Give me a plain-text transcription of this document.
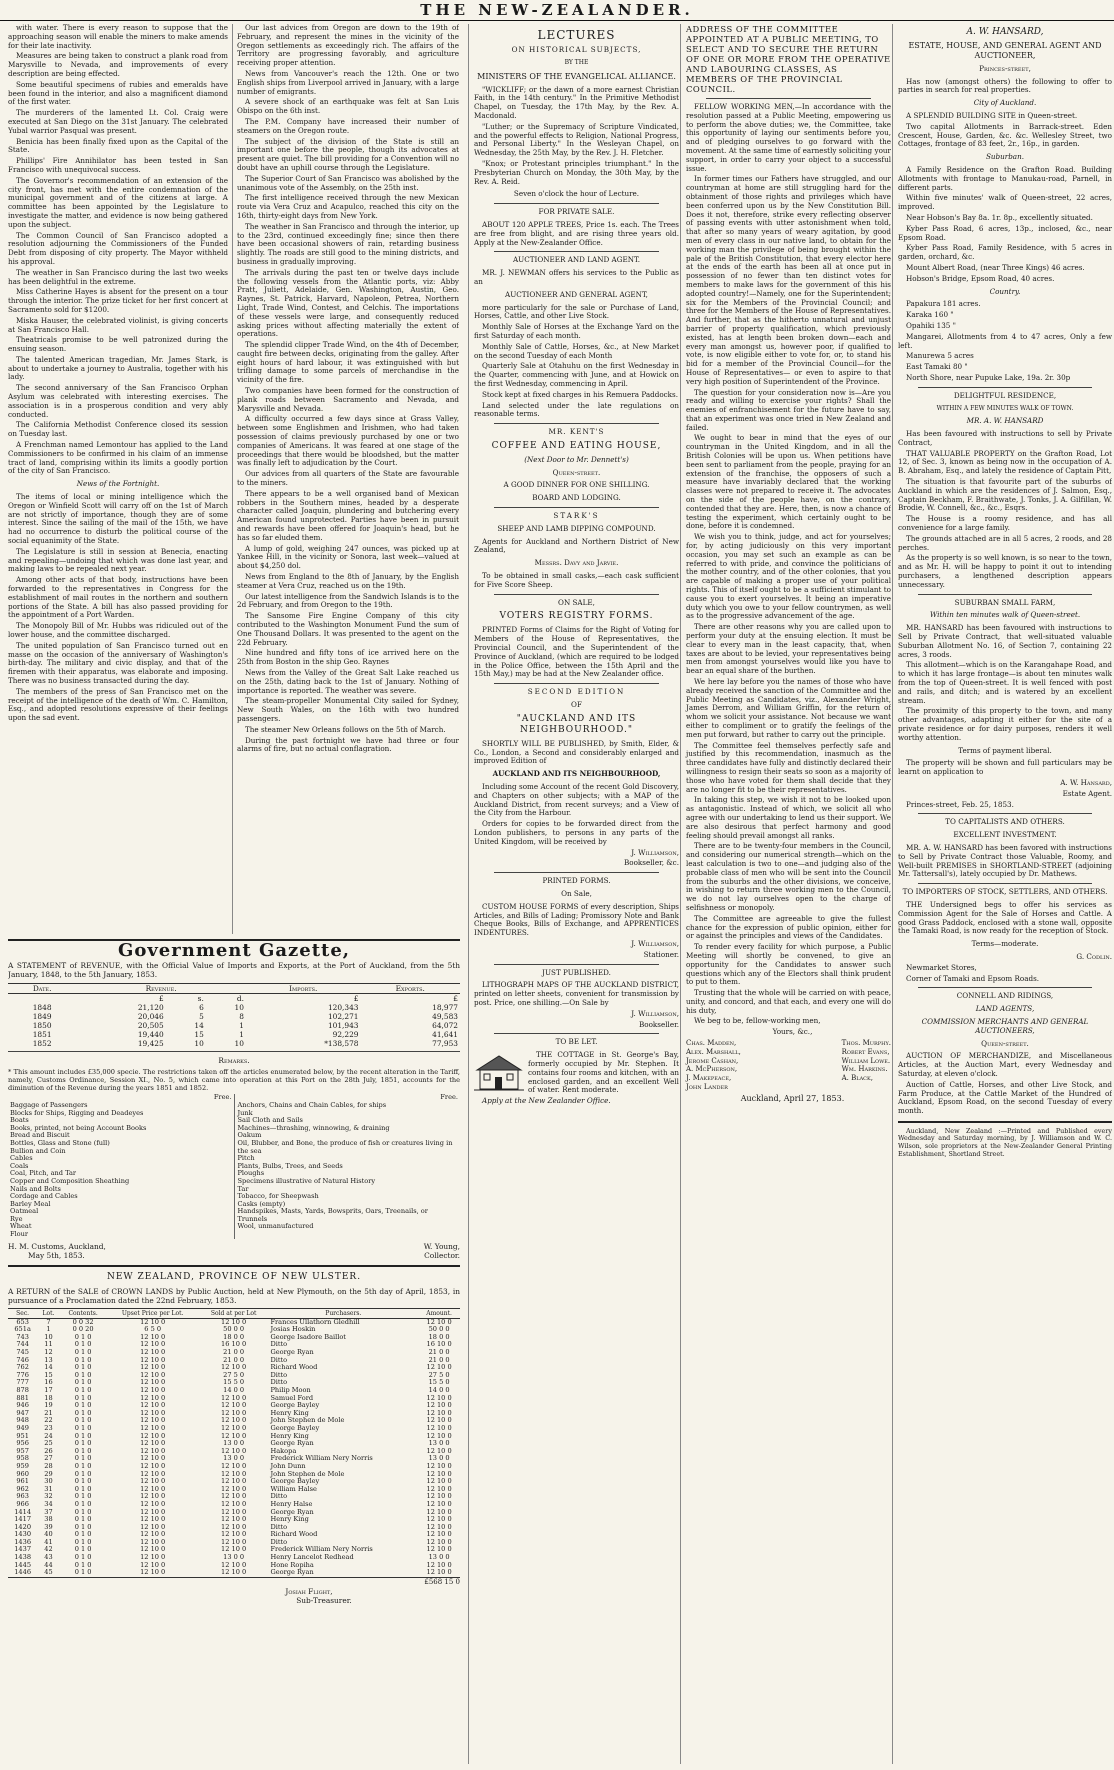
THE NEW-ZEALANDER.

with water. There is every reason to suppose that the approaching season will enable the miners to make amends for their late inactivity.

Measures are being taken to construct a plank road from Marysville to Nevada, and improvements of every description are being effected.

Some beautiful specimens of rubies and emeralds have been found in the interior, and also a magnificent diamond of the first water.

The murderers of the lamented Lt. Col. Craig were executed at San Diego on the 31st January. The celebrated Yubal warrior Pasqual was present.

Benicia has been finally fixed upon as the Capital of the State.

Phillips' Fire Annihilator has been tested in San Francisco with unequivocal success.

The Governor's recommendation of an extension of the city front, has met with the entire condemnation of the municipal government and of the citizens at large. A committee has been appointed by the Legislature to investigate the matter, and evidence is now being gathered upon the subject.

The Common Council of San Francisco adopted a resolution adjourning the Commissioners of the Funded Debt from disposing of city property. The Mayor withheld his approval.

The weather in San Francisco during the last two weeks has been delightful in the extreme.

Miss Catherine Hayes is absent for the present on a tour through the interior. The prize ticket for her first concert at Sacramento sold for $1200.

Miska Hauser, the celebrated violinist, is giving concerts at San Francisco Hall.

Theatricals promise to be well patronized during the ensuing season.

The talented American tragedian, Mr. James Stark, is about to undertake a journey to Australia, together with his lady.

The second anniversary of the San Francisco Orphan Asylum was celebrated with interesting exercises. The association is in a prosperous condition and very ably conducted.

The California Methodist Conference closed its session on Tuesday last.

A Frenchman named Lemontour has applied to the Land Commissioners to be confirmed in his claim of an immense tract of land, comprising within its limits a goodly portion of the city of San Francisco.

News of the Fortnight.

The items of local or mining intelligence which the Oregon or Winfield Scott will carry off on the 1st of March are not strictly of importance, though they are of some interest. Since the sailing of the mail of the 15th, we have had no occurrence to disturb the political course of the social equanimity of the State.

The Legislature is still in session at Benecia, enacting and repealing—undoing that which was done last year, and making laws to be repealed next year.

Among other acts of that body, instructions have been forwarded to the representatives in Congress for the establishment of mail routes in the northern and southern portions of the State. A bill has also passed providing for the appointment of a Port Warden.

The Monopoly Bill of Mr. Hubbs was ridiculed out of the lower house, and the committee discharged.

The united population of San Francisco turned out en masse on the occasion of the anniversary of Washington's birth-day. The military and civic display, and that of the firemen with their apparatus, was elaborate and imposing. There was no business transacted during the day.

The members of the press of San Francisco met on the receipt of the intelligence of the death of Wm. C. Hamilton, Esq., and adopted resolutions expressive of their feelings upon the sad event.

Our last advices from Oregon are down to the 19th of February, and represent the mines in the vicinity of the Oregon settlements as exceedingly rich. The affairs of the Territory are progressing favorably, and agriculture receiving proper attention.

News from Vancouver's reach the 12th. One or two English ships from Liverpool arrived in January, with a large number of emigrants.

A severe shock of an earthquake was felt at San Luis Obispo on the 6th inst.

The P.M. Company have increased their number of steamers on the Oregon route.

The subject of the division of the State is still an important one before the people, though its advocates at present are quiet. The bill providing for a Convention will no doubt have an uphill course through the Legislature.

The Superior Court of San Francisco was abolished by the unanimous vote of the Assembly, on the 25th inst.

The first intelligence received through the new Mexican route via Vera Cruz and Acapulco, reached this city on the 16th, thirty-eight days from New York.

The weather in San Francisco and through the interior, up to the 23rd, continued exceedingly fine; since then there have been occasional showers of rain, retarding business slightly. The roads are still good to the mining districts, and business in gradually improving.

The arrivals during the past ten or twelve days include the following vessels from the Atlantic ports, viz: Abby Pratt, Juliett, Adelaide, Gen. Washington, Austin, Geo. Raynes, St. Patrick, Harvard, Napoleon, Petrea, Northern Light, Trade Wind, Contest, and Celchis. The importations of these vessels were large, and consequently reduced asking prices without affecting materially the extent of operations.

The splendid clipper Trade Wind, on the 4th of December, caught fire between decks, originating from the galley. After eight hours of hard labour, it was extinguished with but trifling damage to some parcels of merchandise in the vicinity of the fire.

Two companies have been formed for the construction of plank roads between Sacramento and Nevada, and Marysville and Nevada.

A difficulty occurred a few days since at Grass Valley, between some Englishmen and Irishmen, who had taken possession of claims previously purchased by one or two companies of Americans. It was feared at one stage of the proceedings that there would be bloodshed, but the matter was finally left to adjudication by the Court.

Our advices from all quarters of the State are favourable to the miners.

There appears to be a well organised band of Mexican robbers in the Southern mines, headed by a desperate character called Joaquin, plundering and butchering every American found unprotected. Parties have been in pursuit and rewards have been offered for Joaquin's head, but he has so far eluded them.

A lump of gold, weighing 247 ounces, was picked up at Yankee Hill, in the vicinity or Sonora, last week—valued at about $4,250 dol.

News from England to the 8th of January, by the English steamer at Vera Cruz, reached us on the 19th.

Our latest intelligence from the Sandwich Islands is to the 2d February, and from Oregon to the 19th.

The Sansome Fire Engine Company of this city contributed to the Washington Monument Fund the sum of One Thousand Dollars. It was presented to the agent on the 22d February.

Nine hundred and fifty tons of ice arrived here on the 25th from Boston in the ship Geo. Raynes

News from the Valley of the Great Salt Lake reached us on the 25th, dating back to the 1st of January. Nothing of importance is reported. The weather was severe.

The steam-propeller Monumental City sailed for Sydney, New South Wales, on the 16th with two hundred passengers.

The steamer New Orleans follows on the 5th of March.

During the past fortnight we have had three or four alarms of fire, but no actual conflagration.

Government Gazette,
A STATEMENT of REVENUE, with the Official Value of Imports and Exports, at the Port of Auckland, from the 5th January, 1848, to the 5th January, 1853.
Date.	Revenue.			Imports.	Exports.
	£	s.	d.	£	£
1848	21,120	6	10	120,343	18,977
1849	20,046	5	8	102,271	49,583
1850	20,505	14	1	101,943	64,072
1851	19,440	15	1	92,229	41,641
1852	19,425	10	10	*138,578	77,953
Remarks.
* This amount includes £35,000 specie. The restrictions taken off the articles enumerated below, by the recent alteration in the Tariff, namely, Customs Ordinance, Session XI., No. 5, which came into operation at this Port on the 28th July, 1851, accounts for the diminution of the Revenue during the years 1851 and 1852.
Free.
Baggage of Passengers
Blocks for Ships, Rigging and Deadeyes
Boats
Books, printed, not being Account Books
Bread and Biscuit
Bottles, Glass and Stone (full)
Bullion and Coin
Cables
Coals
Coal, Pitch, and Tar
Copper and Composition Sheathing
Nails and Bolts
Cordage and Cables
Barley Meal
Oatmeal
Rye
Wheat
Flour

Free.
Anchors, Chains and Chain Cables, for ships
Junk
Sail Cloth and Sails
Machines—thrashing, winnowing, & draining
Oakum
Oil, Blubber, and Bone, the produce of fish or creatures living in the sea
Pitch
Plants, Bulbs, Trees, and Seeds
Ploughs
Specimens illustrative of Natural History
Tar
Tobacco, for Sheepwash
Casks (empty)
Handspikes, Masts, Yards, Bowsprits, Oars, Treenails, or Trunnels
Wool, unmanufactured
H. M. Customs, Auckland,
May 5th, 1853.
W. Young,
Collector.
NEW ZEALAND, PROVINCE OF NEW ULSTER.
A RETURN of the SALE of CROWN LANDS by Public Auction, held at New Plymouth, on the 5th day of April, 1853, in pursuance of a Proclamation dated the 22nd February, 1853.
Sec.	Lot.	Contents.	Upset Price per Lot.	Sold at per Lot	Purchasers.	Amount.
653	7	0 0 32	12 10 0	12 10 0	Frances Ullathorn Gledhill	12 10 0
651a	1	0 0 20	6 5 0	50 0 0	Josias Hoskin	50 0 0
743	10	0 1 0	12 10 0	18 0 0	George Isadore Baillot	18 0 0
744	11	0 1 0	12 10 0	16 10 0	Ditto	16 10 0
745	12	0 1 0	12 10 0	21 0 0	George Ryan	21 0 0
746	13	0 1 0	12 10 0	21 0 0	Ditto	21 0 0
762	14	0 1 0	12 10 0	12 10 0	Richard Wood	12 10 0
776	15	0 1 0	12 10 0	27 5 0	Ditto	27 5 0
777	16	0 1 0	12 10 0	15 5 0	Ditto	15 5 0
878	17	0 1 0	12 10 0	14 0 0	Philip Moon	14 0 0
881	18	0 1 0	12 10 0	12 10 0	Samuel Ford	12 10 0
946	19	0 1 0	12 10 0	12 10 0	George Bayley	12 10 0
947	21	0 1 0	12 10 0	12 10 0	Henry King	12 10 0
948	22	0 1 0	12 10 0	12 10 0	John Stephen de Mole	12 10 0
949	23	0 1 0	12 10 0	12 10 0	George Bayley	12 10 0
951	24	0 1 0	12 10 0	12 10 0	Henry King	12 10 0
956	25	0 1 0	12 10 0	13 0 0	George Ryan	13 0 0
957	26	0 1 0	12 10 0	12 10 0	Hakopa	12 10 0
958	27	0 1 0	12 10 0	13 0 0	Frederick William Nery Norris	13 0 0
959	28	0 1 0	12 10 0	12 10 0	John Dunn	12 10 0
960	29	0 1 0	12 10 0	12 10 0	John Stephen de Mole	12 10 0
961	30	0 1 0	12 10 0	12 10 0	George Bayley	12 10 0
962	31	0 1 0	12 10 0	12 10 0	William Halse	12 10 0
963	32	0 1 0	12 10 0	12 10 0	Ditto	12 10 0
966	34	0 1 0	12 10 0	12 10 0	Henry Halse	12 10 0
1414	37	0 1 0	12 10 0	12 10 0	George Ryan	12 10 0
1417	38	0 1 0	12 10 0	12 10 0	Henry King	12 10 0
1420	39	0 1 0	12 10 0	12 10 0	Ditto	12 10 0
1430	40	0 1 0	12 10 0	12 10 0	Richard Wood	12 10 0
1436	41	0 1 0	12 10 0	12 10 0	Ditto	12 10 0
1437	42	0 1 0	12 10 0	12 10 0	Frederick William Nery Norris	12 10 0
1438	43	0 1 0	12 10 0	13 0 0	Henry Lancelot Redhead	13 0 0
1445	44	0 1 0	12 10 0	12 10 0	Hone Ropiha	12 10 0
1446	45	0 1 0	12 10 0	12 10 0	George Ryan	12 10 0
£568 15 0
Josiah Flight,
Sub-Treasurer.

LECTURES

ON HISTORICAL SUBJECTS,

BY THE

MINISTERS OF THE EVANGELICAL ALLIANCE.

"WICKLIFF; or the dawn of a more earnest Christian Faith, in the 14th century." In the Primitive Methodist Chapel, on Tuesday, the 17th May, by the Rev. A. Macdonald.

"Luther; or the Supremacy of Scripture Vindicated, and the powerful effects to Religion, National Progress, and Personal Liberty." In the Wesleyan Chapel, on Wednesday, the 25th May, by the Rev. J. H. Fletcher.

"Knox; or Protestant principles triumphant." In the Presbyterian Church on Monday, the 30th May, by the Rev. A. Reid.

Seven o'clock the hour of Lecture.

FOR PRIVATE SALE.

ABOUT 120 APPLE TREES, Price 1s. each. The Trees are free from blight, and are rising three years old. Apply at the New-Zealander Office.

AUCTIONEER AND LAND AGENT.

MR. J. NEWMAN offers his services to the Public as an

AUCTIONEER AND GENERAL AGENT,

more particularly for the sale or Purchase of Land, Horses, Cattle, and other Live Stock.

Monthly Sale of Horses at the Exchange Yard on the first Saturday of each month.

Monthly Sale of Cattle, Horses, &c., at New Market on the second Tuesday of each Month

Quarterly Sale at Otahuhu on the first Wednesday in the Quarter, commencing with June, and at Howick on the first Wednesday, commencing in April.

Stock kept at fixed charges in his Remuera Paddocks.

Land selected under the late regulations on reasonable terms.

MR. KENT'S

COFFEE AND EATING HOUSE,

(Next Door to Mr. Dennett's)

Queen-street.

A GOOD DINNER FOR ONE SHILLING.

BOARD AND LODGING.

STARK'S

SHEEP AND LAMB DIPPING COMPOUND.

Agents for Auckland and Northern District of New Zealand,

Messrs. Davy and Jarvie.

To be obtained in small casks,—each cask sufficient for Five Score Sheep.

ON SALE,

VOTERS REGISTRY FORMS.

PRINTED Forms of Claims for the Right of Voting for Members of the House of Representatives, the Provincial Council, and the Superintendent of the Province of Auckland, (which are required to be lodged in the Police Office, between the 15th April and the 15th May,) may be had at the New Zealander office.

SECOND EDITION

OF

"AUCKLAND AND ITS NEIGHBOURHOOD."

SHORTLY WILL BE PUBLISHED, by Smith, Elder, & Co., London, a Second and considerably enlarged and improved Edition of

AUCKLAND AND ITS NEIGHBOURHOOD,

Including some Account of the recent Gold Discovery, and Chapters on other subjects; with a MAP of the Auckland District, from recent surveys; and a View of the City from the Harbour.

Orders for copies to be forwarded direct from the London publishers, to persons in any parts of the United Kingdom, will be received by

J. Williamson,

Bookseller, &c.

PRINTED FORMS.

On Sale,

CUSTOM HOUSE FORMS of every description, Ships Articles, and Bills of Lading; Promissory Note and Bank Cheque Books, Bills of Exchange, and APPRENTICES INDENTURES.

J. Williamson,

Stationer.

JUST PUBLISHED.

LITHOGRAPH MAPS OF THE AUCKLAND DISTRICT, printed on letter sheets, convenient for transmission by post. Price, one shilling.—On Sale by

J. Williamson,

Bookseller.

TO BE LET.

THE COTTAGE in St. George's Bay, formerly occupied by Mr. Stephen. It contains four rooms and kitchen, with an enclosed garden, and an excellent Well of water. Rent moderate.

Apply at the New Zealander Office.

ADDRESS OF THE COMMITTEE APPOINTED AT A PUBLIC MEETING, TO SELECT AND TO SECURE THE RETURN OF ONE OR MORE FROM THE OPERATIVE AND LABOURING CLASSES, AS MEMBERS OF THE PROVINCIAL COUNCIL.

FELLOW WORKING MEN,—In accordance with the resolution passed at a Public Meeting, empowering us to perform the above duties; we, the Committee, take this opportunity of laying our sentiments before you, and of pledging ourselves to go forward with the movement. At the same time of earnestly soliciting your support, in order to carry your object to a successful issue.

In former times our Fathers have struggled, and our countryman at home are still struggling hard for the obtainment of those rights and privileges which have been conferred upon us by the New Constitution Bill. Does it not, therefore, strike every reflecting observer of passing events with utter astonishment when told, that after so many years of weary agitation, by good men of every class in our native land, to obtain for the working man the privilege of being brought within the pale of the British Constitution, that every elector here at the ends of the earth has been all at once put in possession of no fewer than ten distinct votes for members to make laws for the government of this his adopted country!—Namely, one for the Superintendent; six for the Members of the Provincial Council; and three for the Members of the House of Representatives. And further, that as the hitherto unnatural and unjust barrier of property qualification, which previously existed, has at length been broken down—each and every man amongst us, however poor, if qualified to vote, is now eligible either to vote for, or, to stand his bid for a member of the Provincial Council—for the House of Representatives— or even to aspire to that very high position of Superintendent of the Province.

The question for your consideration now is—Are you ready and willing to exercise your rights? Shall the enemies of enfranchisement for the future have to say, that an experiment was once tried in New Zealand and failed.

We ought to bear in mind that the eyes of our countryman in the United Kingdom, and in all the British Colonies will be upon us. When petitions have been sent to parliament from the people, praying for an extension of the franchise, the opposers of such a measure have invariably declared that the working classes were not prepared to receive it. The advocates on the side of the people have, on the contrary, contended that they are. Here, then, is now a chance of testing the experiment, which certainly ought to be done, before it is condemned.

We wish you to think, judge, and act for yourselves; for, by acting judiciously on this very important occasion, you may set such an example as can be referred to with pride, and convince the politicians of the mother country, and of the other colonies, that you are capable of making a proper use of your political rights. This of itself ought to be a sufficient stimulant to cause you to exert yourselves. It being an imperative duty which you owe to your fellow countrymen, as well as to the progressive advancement of the age.

There are other reasons why you are called upon to perform your duty at the ensuing election. It must be clear to every man in the least capacity, that, when taxes are about to be levied, your representatives being men from amongst yourselves would like you have to bear an equal share of the burthen.

We here lay before you the names of those who have already received the sanction of the Committee and the Public Meeting as Candidates, viz., Alexander Wright, James Derrom, and William Griffin, for the return of whom we solicit your assistance. Not because we want either to compliment or to gratify the feelings of the men put forward, but rather to carry out the principle.

The Committee feel themselves perfectly safe and justified by this recommendation, inasmuch as the three candidates have fully and distinctly declared their willingness to resign their seats so soon as a majority of those who have voted for them shall decide that they are no longer fit to be their representatives.

In taking this step, we wish it not to be looked upon as antagonistic. Instead of which, we solicit all who agree with our undertaking to lend us their support. We are also desirous that perfect harmony and good feeling should prevail amongst all ranks.

There are to be twenty-four members in the Council, and considering our numerical strength—which on the least calculation is two to one—and judging also of the probable class of men who will be sent into the Council from the suburbs and the other divisions, we conceive, in wishing to return three working men to the Council, we do not lay ourselves open to the charge of selfishness or monopoly.

The Committee are agreeable to give the fullest chance for the expression of public opinion, either for or against the principles and views of the Candidates.

To render every facility for which purpose, a Public Meeting will shortly be convened, to give an opportunity for the Candidates to answer such questions which any of the Electors shall think prudent to put to them.

Trusting that the whole will be carried on with peace, unity, and concord, and that each, and every one will do his duty,

We beg to be, fellow-working men,

Yours, &c.,

Chas. Madden,
Alex. Marshall,
Jerome Cashan,
A. McPherson,
J. Makepeace,
John Lander
Thos. Murphy.
Robert Evans,
William Lowe.
Wm. Harkins.
A. Black,

Auckland, April 27, 1853.

A. W. HANSARD,

ESTATE, HOUSE, AND GENERAL AGENT AND AUCTIONEER,

Princes-street,

Has now (amongst others) the following to offer to parties in search for real properties.

City of Auckland.

A SPLENDID BUILDING SITE in Queen-street.

Two capital Allotments in Barrack-street. Eden Crescent, House, Garden, &c. &c. Wellesley Street, two Cottages, frontage of 83 feet, 2r., 16p., in garden.

Suburban.

A Family Residence on the Grafton Road. Building Allotments with frontage to Manukau-road, Parnell, in different parts.

Within five minutes' walk of Queen-street, 22 acres, improved.

Near Hobson's Bay 8a. 1r. 8p., excellently situated.

Kyber Pass Road, 6 acres, 13p., inclosed, &c., near Epsom Road.

Kyber Pass Road, Family Residence, with 5 acres in garden, orchard, &c.

Mount Albert Road, (near Three Kings) 46 acres.

Hobson's Bridge, Epsom Road, 40 acres.

Country.

Papakura 181 acres.

Karaka 160 "

Opahiki 135 "

Mangarei, Allotments from 4 to 47 acres, Only a few left.

Manurewa 5 acres

East Tamaki 80 "

North Shore, near Pupuke Lake, 19a. 2r. 30p

DELIGHTFUL RESIDENCE,

WITHIN A FEW MINUTES WALK OF TOWN.

MR. A. W. HANSARD

Has been favoured with instructions to sell by Private Contract,

THAT VALUABLE PROPERTY on the Grafton Road, Lot 12, of Sec. 3, known as being now in the occupation of A. B. Abraham, Esq., and lately the residence of Captain Pitt,

The situation is that favourite part of the suburbs of Auckland in which are the residences of J. Salmon, Esq., Captain Beckham, F. Braithwate, J. Tonks, J. A. Gilfillan, W. Brodie, W. Connell, &c., &c., Esqrs.

The House is a roomy residence, and has all convenience for a large family.

The grounds attached are in all 5 acres, 2 roods, and 28 perches.

As the property is so well known, is so near to the town, and as Mr. H. will be happy to point it out to intending purchasers, a lengthened description appears unnecessary.

SUBURBAN SMALL FARM,

Within ten minutes walk of Queen-street.

MR. HANSARD has been favoured with instructions to Sell by Private Contract, that well-situated valuable Suburban Allotment No. 16, of Section 7, containing 22 acres, 3 roods.

This allotment—which is on the Karangahape Road, and to which it has large frontage—is about ten minutes walk from the top of Queen-street. It is well fenced with post and rails, and ditch; and is watered by an excellent stream.

The proximity of this property to the town, and many other advantages, adapting it either for the site of a private residence or for dairy purposes, renders it well worthy attention.

Terms of payment liberal.

The property will be shown and full particulars may be learnt on application to

A. W. Hansard,

Estate Agent.

Princes-street, Feb. 25, 1853.

TO CAPITALISTS AND OTHERS.

EXCELLENT INVESTMENT.

MR. A. W. HANSARD has been favored with instructions to Sell by Private Contract those Valuable, Roomy, and Well-built PREMISES in SHORTLAND-STREET (adjoining Mr. Tattersall's), lately occupied by Dr. Mathews.

TO IMPORTERS OF STOCK, SETTLERS, AND OTHERS.

THE Undersigned begs to offer his services as Commission Agent for the Sale of Horses and Cattle. A good Grass Paddock, enclosed with a stone wall, opposite the Tamaki Road, is now ready for the reception of Stock.

Terms—moderate.

G. Codlin.

Newmarket Stores,

Corner of Tamaki and Epsom Roads.

CONNELL AND RIDINGS,

LAND AGENTS,

COMMISSION MERCHANTS AND GENERAL AUCTIONEERS,

Queen-street.

AUCTION OF MERCHANDIZE, and Miscellaneous Articles, at the Auction Mart, every Wednesday and Saturday, at eleven o'clock.

Auction of Cattle, Horses, and other Live Stock, and Farm Produce, at the Cattle Market of the Hundred of Auckland, Epsom Road, on the second Tuesday of every month.

Auckland, New Zealand :—Printed and Published every Wednesday and Saturday morning, by J. Williamson and W. C. Wilson, sole proprietors at the New-Zealander General Printing Establishment, Shortland Street.
